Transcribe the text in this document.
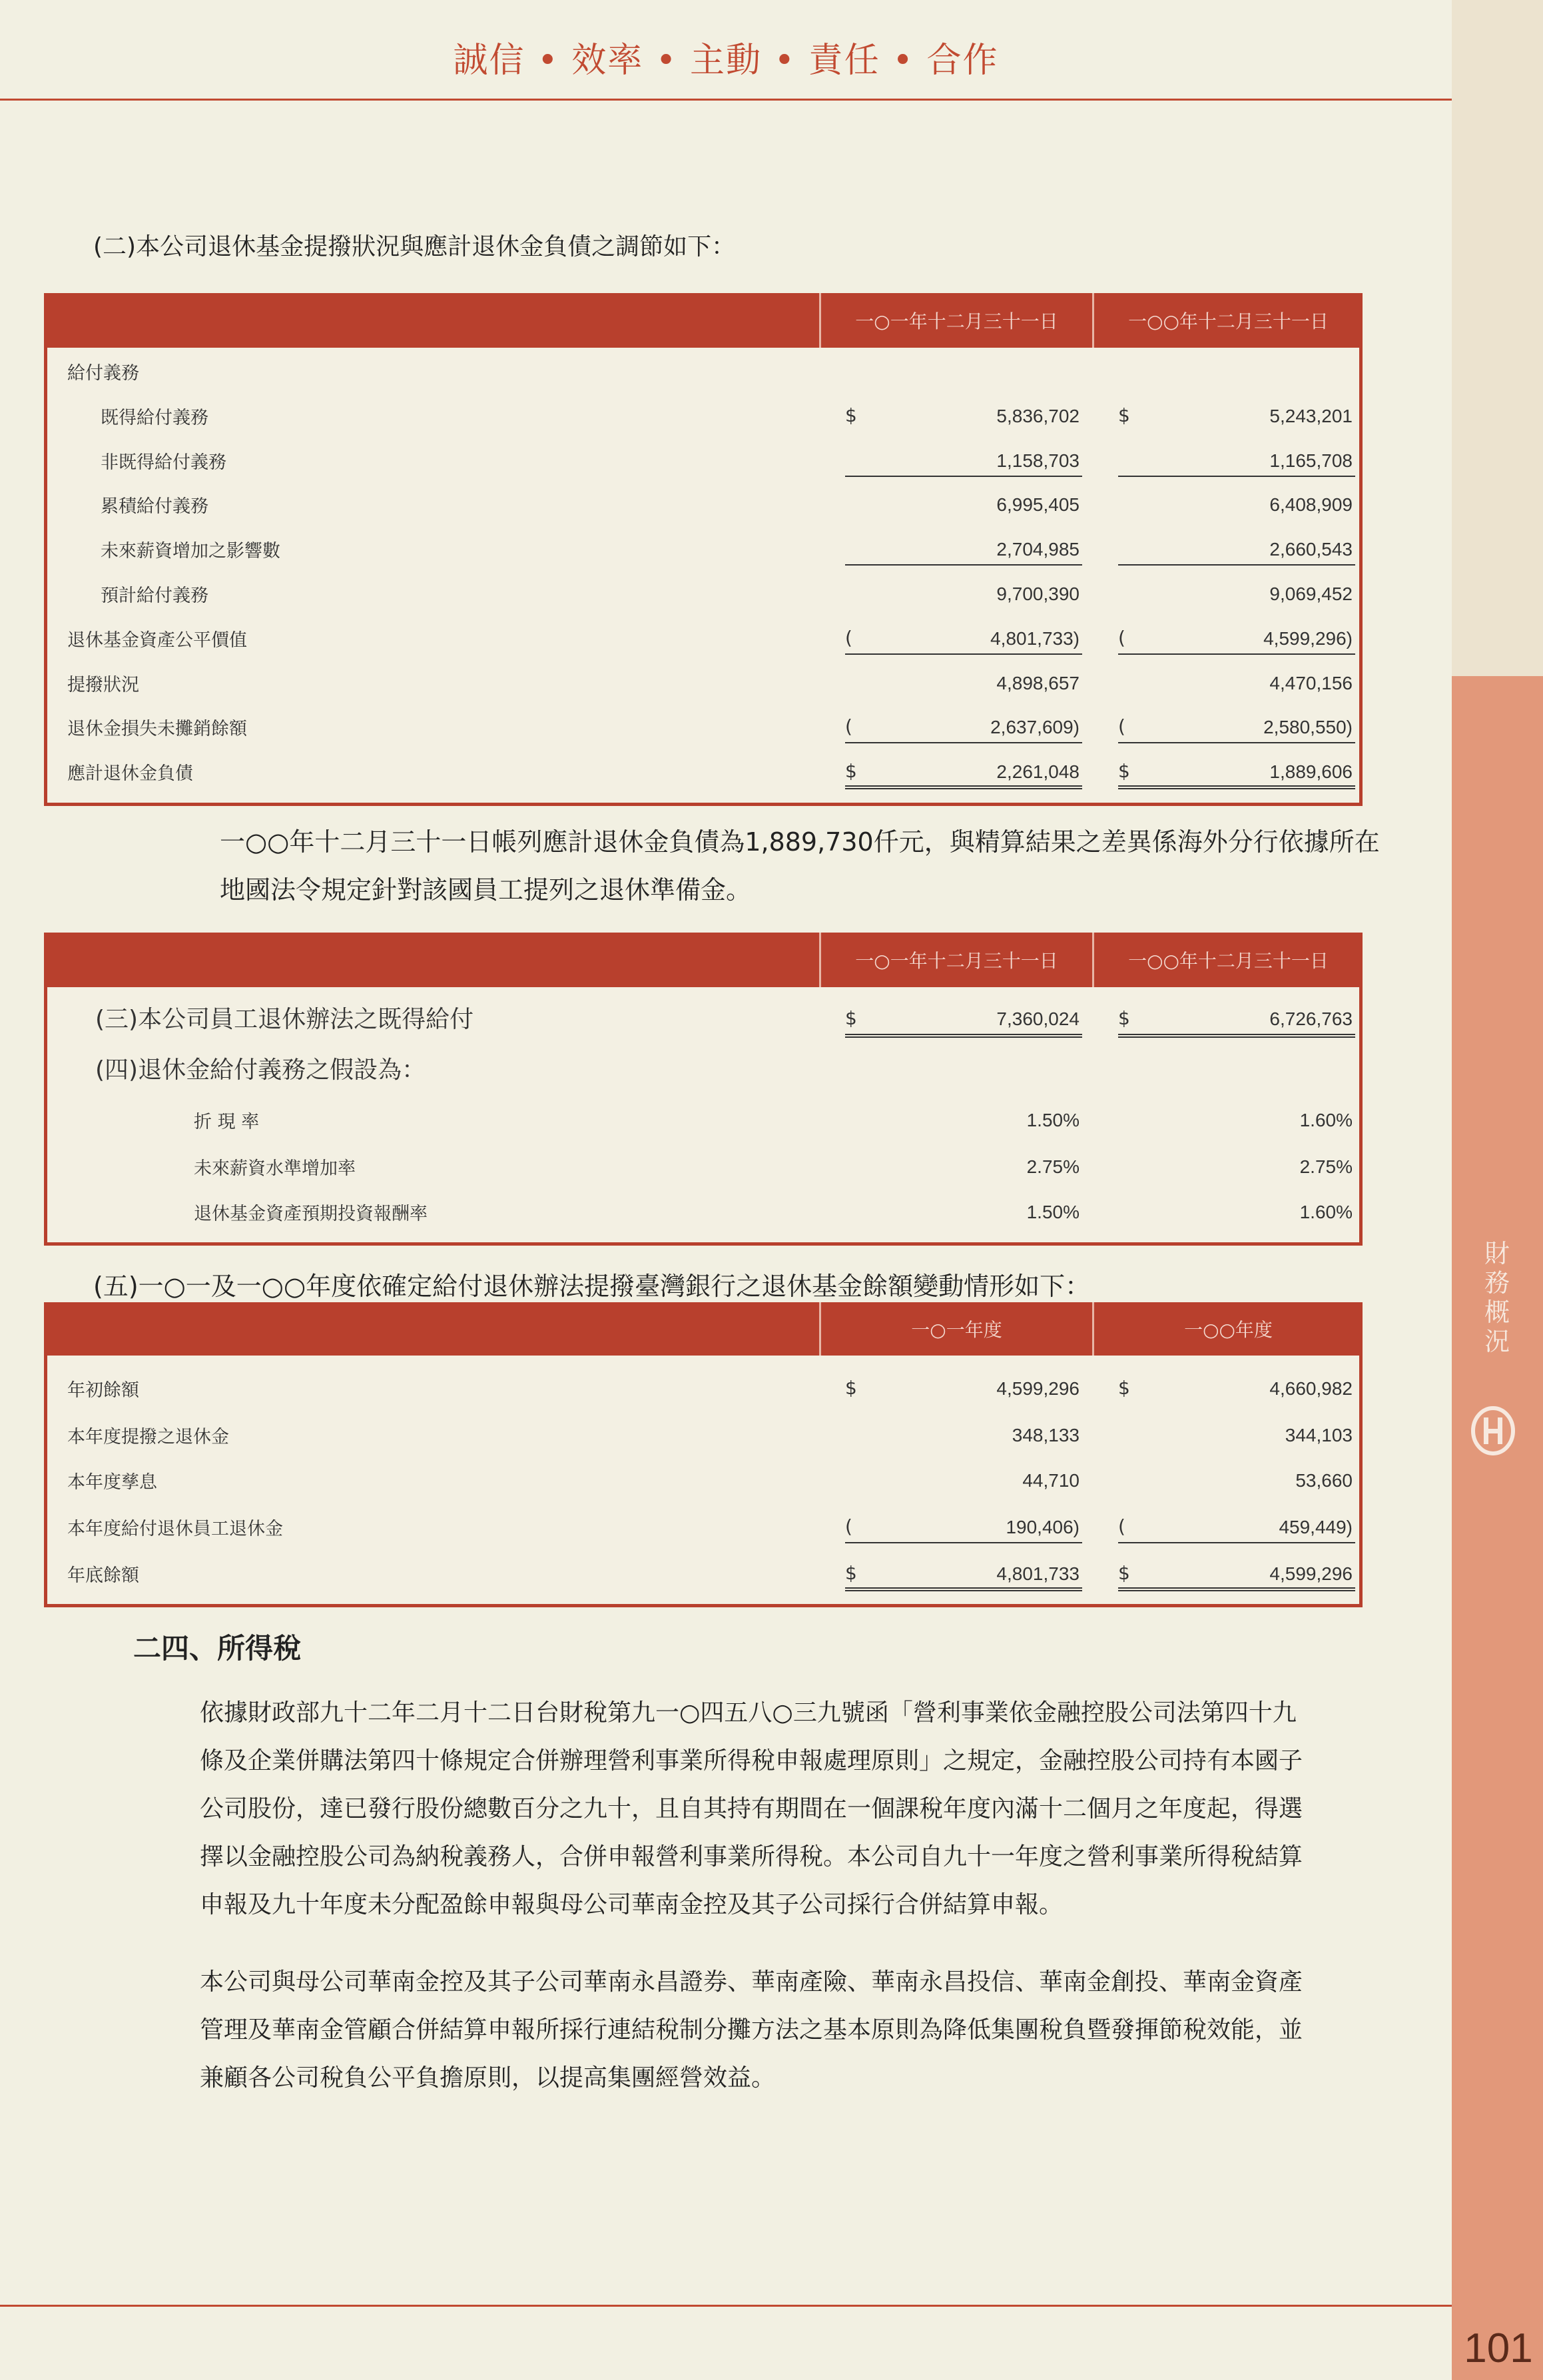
財務概況
101
誠信 • 效率 • 主動 • 責任 • 合作
(二)本公司退休基金提撥狀況與應計退休金負債之調節如下：
一○一年十二月三十一日	一○○年十二月三十一日
給付義務
既得給付義務	$	5,836,702 $	5,243,201
非既得給付義務	1,158,703	1,165,708
累積給付義務	6,995,405	6,408,909
未來薪資增加之影響數	2,704,985	2,660,543
預計給付義務	9,700,390	9,069,452
退休基金資產公平價值	(	4,801,733) (	4,599,296)
提撥狀況	4,898,657	4,470,156
退休金損失未攤銷餘額	(	2,637,609) (	2,580,550)
應計退休金負債	$	2,261,048 $	1,889,606
一○○年十二月三十一日帳列應計退休金負債為1,889,730仟元，與精算結果之差異係海外分行依據所在
地國法令規定針對該國員工提列之退休準備金。
一○一年十二月三十一日	一○○年十二月三十一日
(三)本公司員工退休辦法之既得給付	$	7,360,024 $	6,726,763
(四)退休金給付義務之假設為：
折 現 率	1.50%	1.60%
未來薪資水準增加率	2.75%	2.75%
退休基金資產預期投資報酬率	1.50%	1.60%
(五)一○一及一○○年度依確定給付退休辦法提撥臺灣銀行之退休基金餘額變動情形如下：
一○一年度	一○○年度
年初餘額	$	4,599,296 $	4,660,982
本年度提撥之退休金	348,133	344,103
本年度孳息	44,710	53,660
本年度給付退休員工退休金	(	190,406) (	459,449)
年底餘額	$	4,801,733 $	4,599,296
二四、所得稅
依據財政部九十二年二月十二日台財稅第九一○四五八○三九號函「營利事業依金融控股公司法第四十九
條及企業併購法第四十條規定合併辦理營利事業所得稅申報處理原則」之規定，金融控股公司持有本國子
公司股份，達已發行股份總數百分之九十，且自其持有期間在一個課稅年度內滿十二個月之年度起，得選
擇以金融控股公司為納稅義務人，合併申報營利事業所得稅。本公司自九十一年度之營利事業所得稅結算
申報及九十年度未分配盈餘申報與母公司華南金控及其子公司採行合併結算申報。
本公司與母公司華南金控及其子公司華南永昌證券、華南產險、華南永昌投信、華南金創投、華南金資產
管理及華南金管顧合併結算申報所採行連結稅制分攤方法之基本原則為降低集團稅負暨發揮節稅效能，並
兼顧各公司稅負公平負擔原則，以提高集團經營效益。
